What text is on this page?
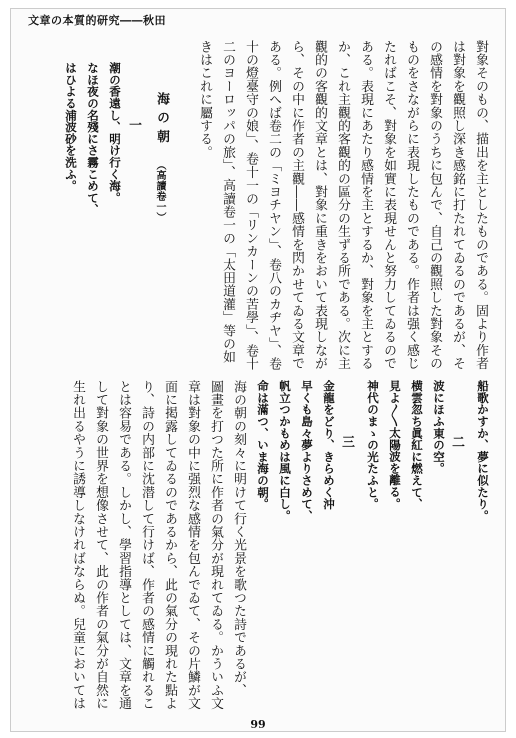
文章の本質的研究――秋田
對象そのもの、描出を主としたものである。固より作者
は對象を觀照し深き感銘に打たれてゐるのであるが、そ
の感情を對象のうちに包んで、自己の觀照した對象その
ものをさながらに表現したものである。作者は强く感じ
たればこそ、對象を如實に表現せんと努力してゐるので
ある。表現にあたり感情を主とするか、對象を主とする
か、これ主觀的客觀的の區分の生ずる所である。次に主
觀的の客觀的文章とは、對象に重きをおいて表現しなが
ら、その中に作者の主觀――感情を閃かせてゐる文章で
ある。例へば卷二の「ミヨチヤン」、卷八のカヂヤ」、卷
十の燈臺守の娘」、卷十一の「リンカーンの苦學」、卷十
二のヨーロッパの旅」、高讀卷一の「太田道灌」等の如
きはこれに屬する。
海の朝
（高讀卷一）
一
潮の香遠し、明け行く海。
なほ夜の名殘にさ霧こめて、
はひよる浦波砂を洗ふ。
船歌かすか、夢に似たり。
二
波にほふ東の空。
横雲忽ち眞紅に燃えて、
見よ〳〵太陽波を離る。
神代のまゝの光たふと。
三
金龍をどり、きらめく沖
早くも島々夢よりさめて、
帆立つかもめは風に白し。
命は滿つ、いま海の朝。
海の朝の刻々に明けて行く光景を歌つた詩であるが、
圖畫を打つた所に作者の氣分が現れてゐる。かういふ文
章は對象の中に强烈な感情を包んでゐて、その片鱗が文
面に掲露してゐるのであるから、此の氣分の現れた點よ
り、詩の内部に沈潜して行けば、作者の感情に觸れるこ
とは容易である。しかし、學習指導としては、文章を通
して對象の世界を想像させて、此の作者の氣分が自然に
生れ出るやうに誘導しなければならぬ。兒童においては
99
